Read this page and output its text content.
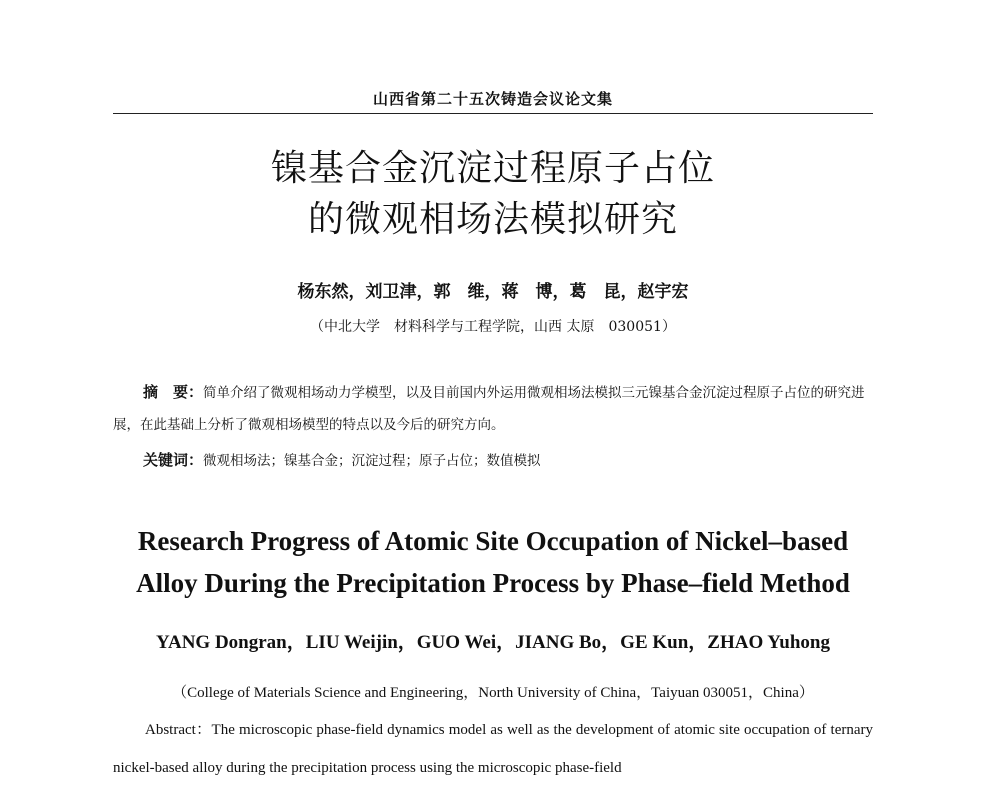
山西省第二十五次铸造会议论文集
镍基合金沉淀过程原子占位
的微观相场法模拟研究
杨东然，刘卫津，郭　维，蒋　博，葛　昆，赵宇宏
（中北大学　材料科学与工程学院，山西 太原　030051）
摘　要：简单介绍了微观相场动力学模型，以及目前国内外运用微观相场法模拟三元镍基合金沉淀过程原子占位的研究进展，在此基础上分析了微观相场模型的特点以及今后的研究方向。
关键词：微观相场法；镍基合金；沉淀过程；原子占位；数值模拟
Research Progress of Atomic Site Occupation of Nickel–based
Alloy During the Precipitation Process by Phase–field Method
YANG Dongran，LIU Weijin，GUO Wei，JIANG Bo，GE Kun，ZHAO Yuhong
（College of Materials Science and Engineering，North University of China，Taiyuan 030051，China）
Abstract：The microscopic phase-field dynamics model as well as the development of atomic site occupation of ternary nickel-based alloy during the precipitation process using the microscopic phase-field
